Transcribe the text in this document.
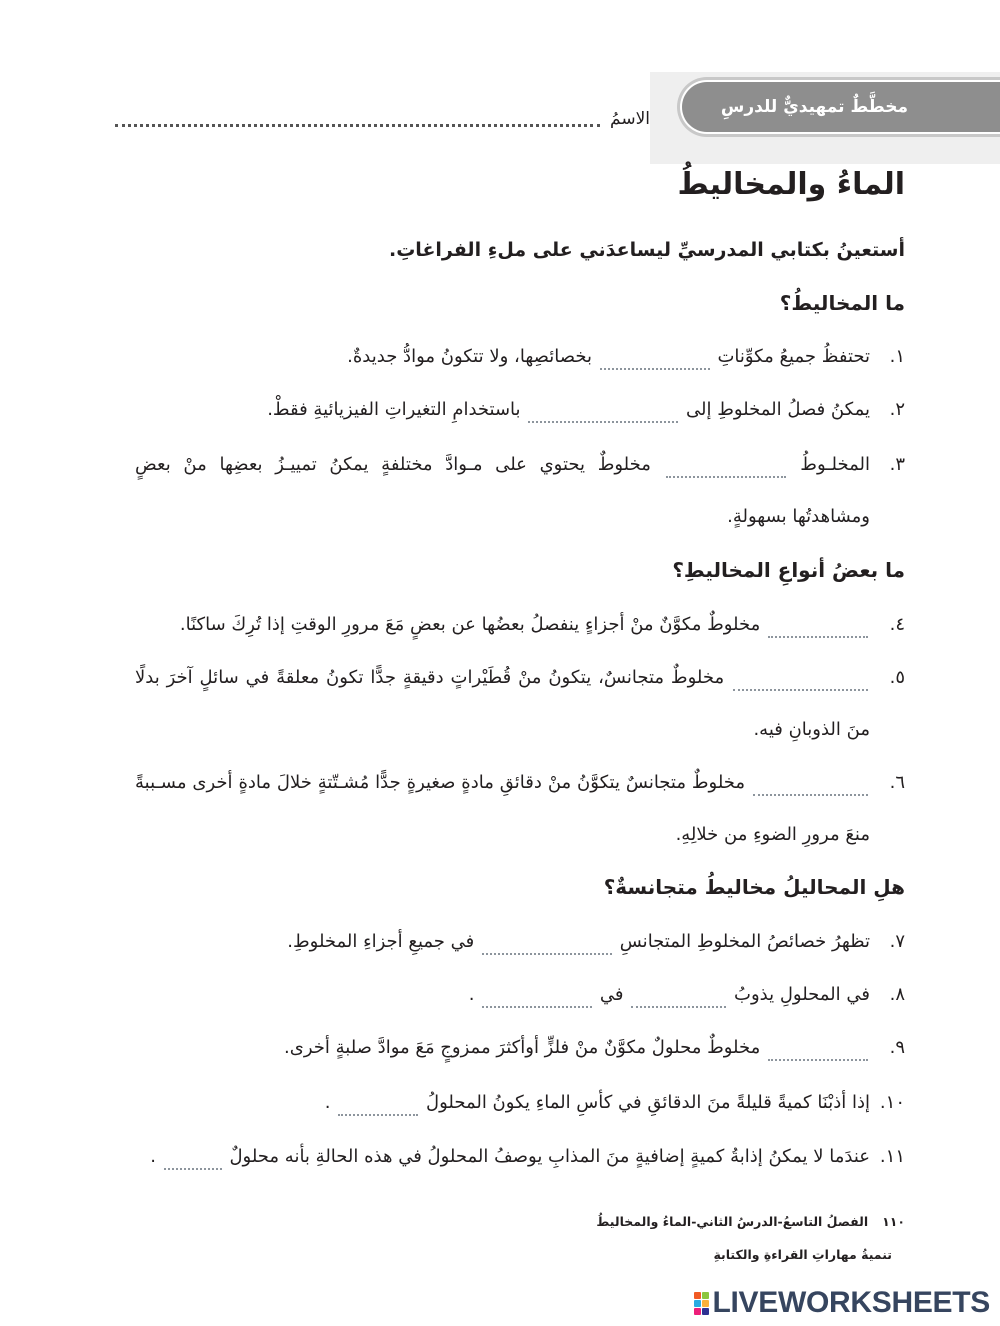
مخطَّطٌ تمهيديٌّ للدرسِ
الاسمُ
الماءُ والمخاليطُ
أستعينُ بكتابي المدرسيِّ ليساعدَني على ملءِ الفراغاتِ.
ما المخاليطُ؟
١.
تحتفظُ جميعُ مكوِّناتِ  بخصائصِها، ولا تتكونُ موادُّ جديدةٌ.
٢.
يمكنُ فصلُ المخلوطِ إلى  باستخدامِ التغيراتِ الفيزيائيةِ فقطْ.
٣.
المخلـوطُ  مخلوطٌ يحتوي على مـوادَّ مختلفةٍ يمكنُ تمييـزُ بعضِها منْ بعضٍ ومشاهدتُها بسهولةٍ.
ما بعضُ أنواعِ المخاليطِ؟
٤.
مخلوطٌ مكوَّنٌ منْ أجزاءٍ ينفصلُ بعضُها عن بعضٍ مَعَ مرورِ الوقتِ إذا تُرِكَ ساكنًا.
٥.
مخلوطٌ متجانسٌ، يتكونُ منْ قُطَيْراتٍ دقيقةٍ جدًّا تكونُ معلقةً في سائلٍ آخرَ بدلًا منَ الذوبانِ فيه.
٦.
مخلوطٌ متجانسٌ يتكوَّنُ منْ دقائقِ مادةٍ صغيرةٍ جدًّا مُشـتّتةٍ خلالَ مادةٍ أخرى مسـببةً منعَ مرورِ الضوءِ من خلالِهِ.
هلِ المحاليلُ مخاليطُ متجانسةٌ؟
٧.
تظهرُ خصائصُ المخلوطِ المتجانسِ  في جميعِ أجزاءِ المخلوطِ.
٨.
في المحلولِ يذوبُ  في  .
٩.
مخلوطٌ محلولٌ مكوَّنٌ منْ فلزٍّ أوأكثرَ ممزوجٍ مَعَ موادَّ صلبةٍ أخرى.
١٠.
إذا أذبْنَا كميةً قليلةً منَ الدقائقِ في كأسِ الماءِ يكونُ المحلولُ  .
١١.
عندَما لا يمكنُ إذابةُ كميةٍ إضافيةٍ منَ المذابِ يوصفُ المحلولُ في هذه الحالةِ بأنه محلولٌ  .
١١٠الفصلُ التاسعُ-الدرسُ الثاني-الماءُ والمخاليطُ
تنميةُ مهاراتِ القراءةِ والكتابةِ
LIVEWORKSHEETS
